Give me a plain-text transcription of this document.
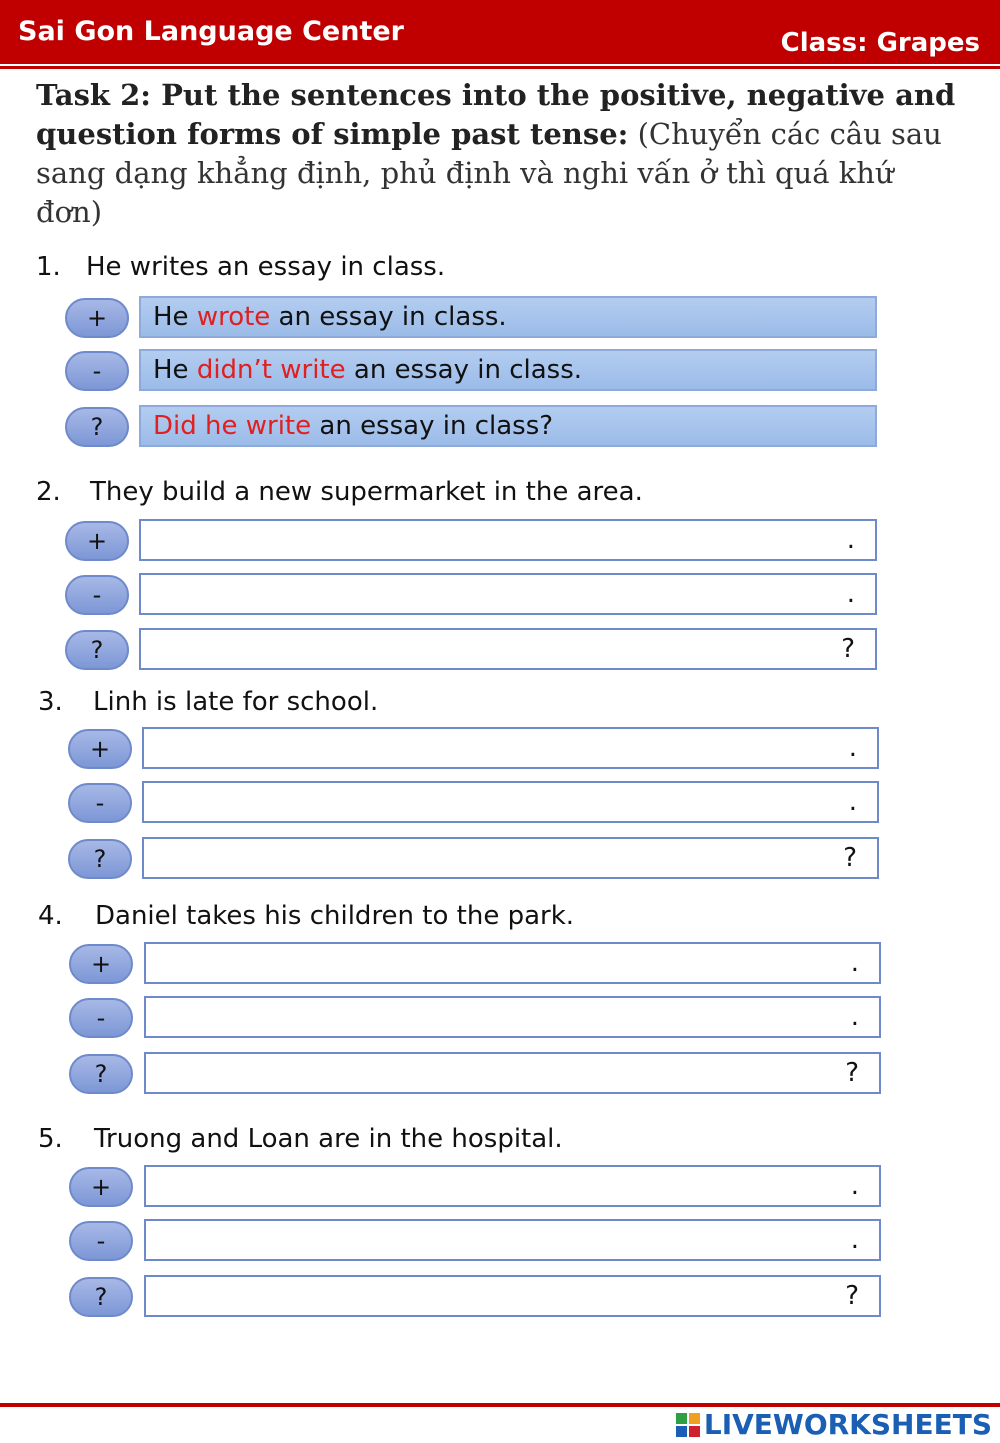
Sai Gon Language Center	Class: Grapes
Task 2: Put the sentences into the positive, negative and question forms of simple past tense: (Chuyển các câu sau sang dạng khẳng định, phủ định và nghi vấn ở thì quá khứ đơn)
1. He writes an essay in class.
+	He wrote an essay in class.
-	He didn’t write an essay in class.
?	Did he write an essay in class?
2. They build a new supermarket in the area.
+	.
-	.
?	?
3. Linh is late for school.
+	.
-	.
?	?
4. Daniel takes his children to the park.
+	.
-	.
?	?
5. Truong and Loan are in the hospital.
+	.
-	.
?	?
LIVEWORKSHEETS
